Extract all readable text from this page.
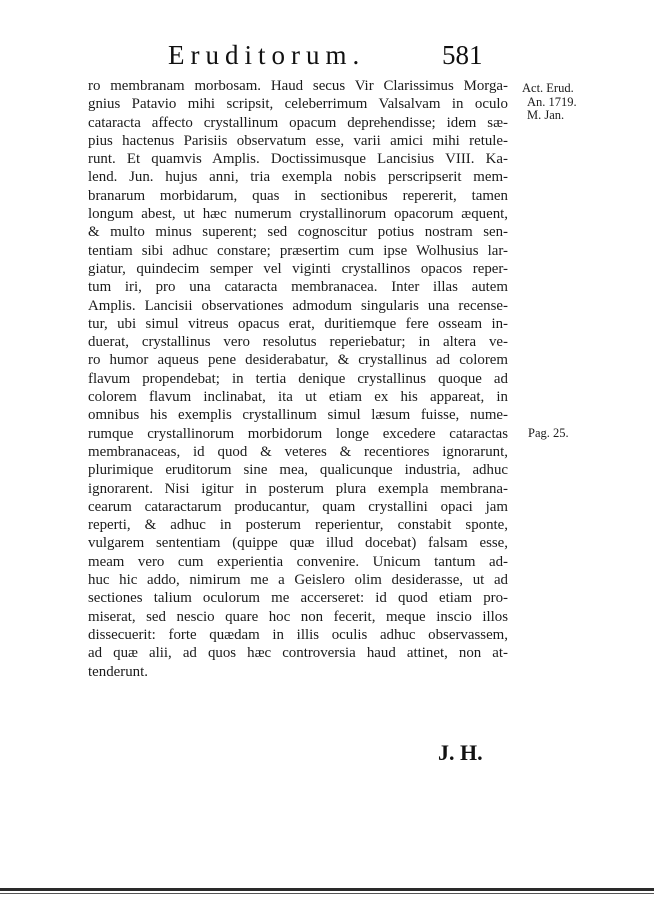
Eruditorum.	581
Act. Erud.
An. 1719.
M. Jan.
Pag. 25.
ro membranam morbosam. Haud secus Vir Clarissimus Morga-
gnius Patavio mihi scripsit, celeberrimum Valsalvam in oculo
cataracta affecto crystallinum opacum deprehendisse; idem sæ-
pius hactenus Parisiis observatum esse, varii amici mihi retule-
runt. Et quamvis Amplis. Doctissimusque Lancisius VIII. Ka-
lend. Jun. hujus anni, tria exempla nobis perscripserit mem-
branarum morbidarum, quas in sectionibus repererit, tamen
longum abest, ut hæc numerum crystallinorum opacorum æquent,
& multo minus superent; sed cognoscitur potius nostram sen-
tentiam sibi adhuc constare; præsertim cum ipse Wolhusius lar-
giatur, quindecim semper vel viginti crystallinos opacos reper-
tum iri, pro una cataracta membranacea. Inter illas autem
Amplis. Lancisii observationes admodum singularis una recense-
tur, ubi simul vitreus opacus erat, duritiemque fere osseam in-
duerat, crystallinus vero resolutus reperiebatur; in altera ve-
ro humor aqueus pene desiderabatur, & crystallinus ad colorem
flavum propendebat; in tertia denique crystallinus quoque ad
colorem flavum inclinabat, ita ut etiam ex his appareat, in
omnibus his exemplis crystallinum simul læsum fuisse, nume-
rumque crystallinorum morbidorum longe excedere cataractas
membranaceas, id quod & veteres & recentiores ignorarunt,
plurimique eruditorum sine mea, qualicunque industria, adhuc
ignorarent. Nisi igitur in posterum plura exempla membrana-
cearum cataractarum producantur, quam crystallini opaci jam
reperti, & adhuc in posterum reperientur, constabit sponte,
vulgarem sententiam (quippe quæ illud docebat) falsam esse,
meam vero cum experientia convenire. Unicum tantum ad-
huc hic addo, nimirum me a Geislero olim desiderasse, ut ad
sectiones talium oculorum me accerseret: id quod etiam pro-
miserat, sed nescio quare hoc non fecerit, meque inscio illos
dissecuerit: forte quædam in illis oculis adhuc observassem,
ad quæ alii, ad quos hæc controversia haud attinet, non at-
tenderunt.
J. H.
